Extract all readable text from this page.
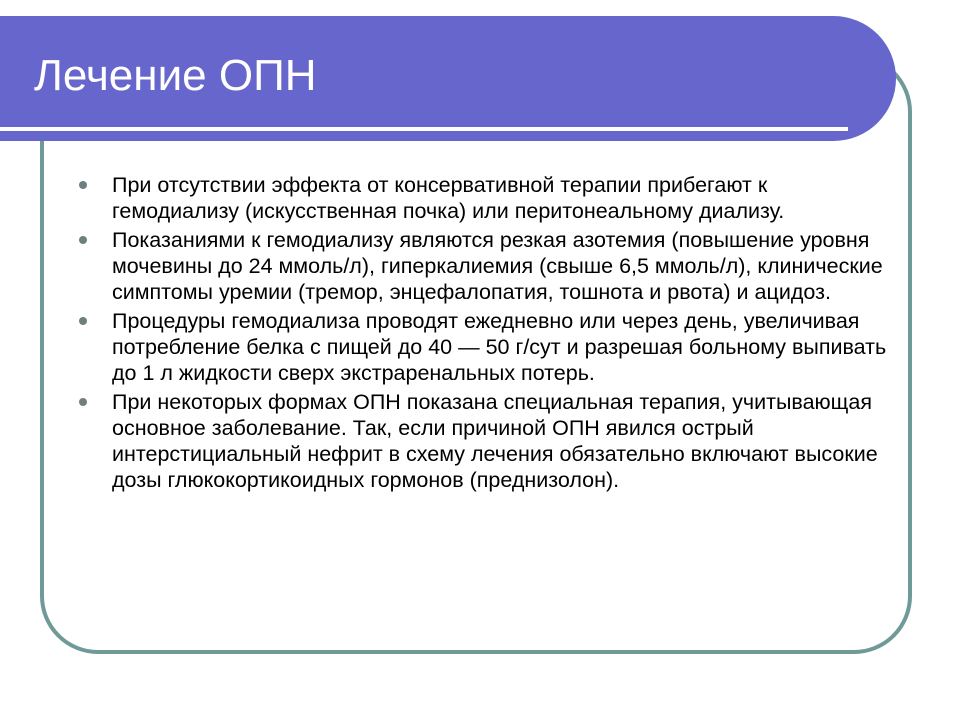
Лечение ОПН
При отсутствии эффекта от консервативной терапии прибегают к гемодиализу (искусственная почка) или перитонеальному диализу.
Показаниями к гемодиализу являются резкая азотемия (повышение уровня мочевины до 24 ммоль/л), гиперкалиемия (свыше 6,5 ммоль/л), клинические симптомы уремии (тремор, энцефалопатия, тошнота и рвота) и ацидоз.
Процедуры гемодиализа проводят ежедневно или через день, увеличивая потребление белка с пищей до 40 — 50 г/сут и разрешая больному выпивать до 1 л жидкости сверх экстраренальных потерь.
При некоторых формах ОПН показана специальная терапия, учитывающая основное заболевание. Так, если причиной ОПН явился острый интерстициальный нефрит в схему лечения обязательно включают высокие дозы глюкокортикоидных гормонов (преднизолон).
